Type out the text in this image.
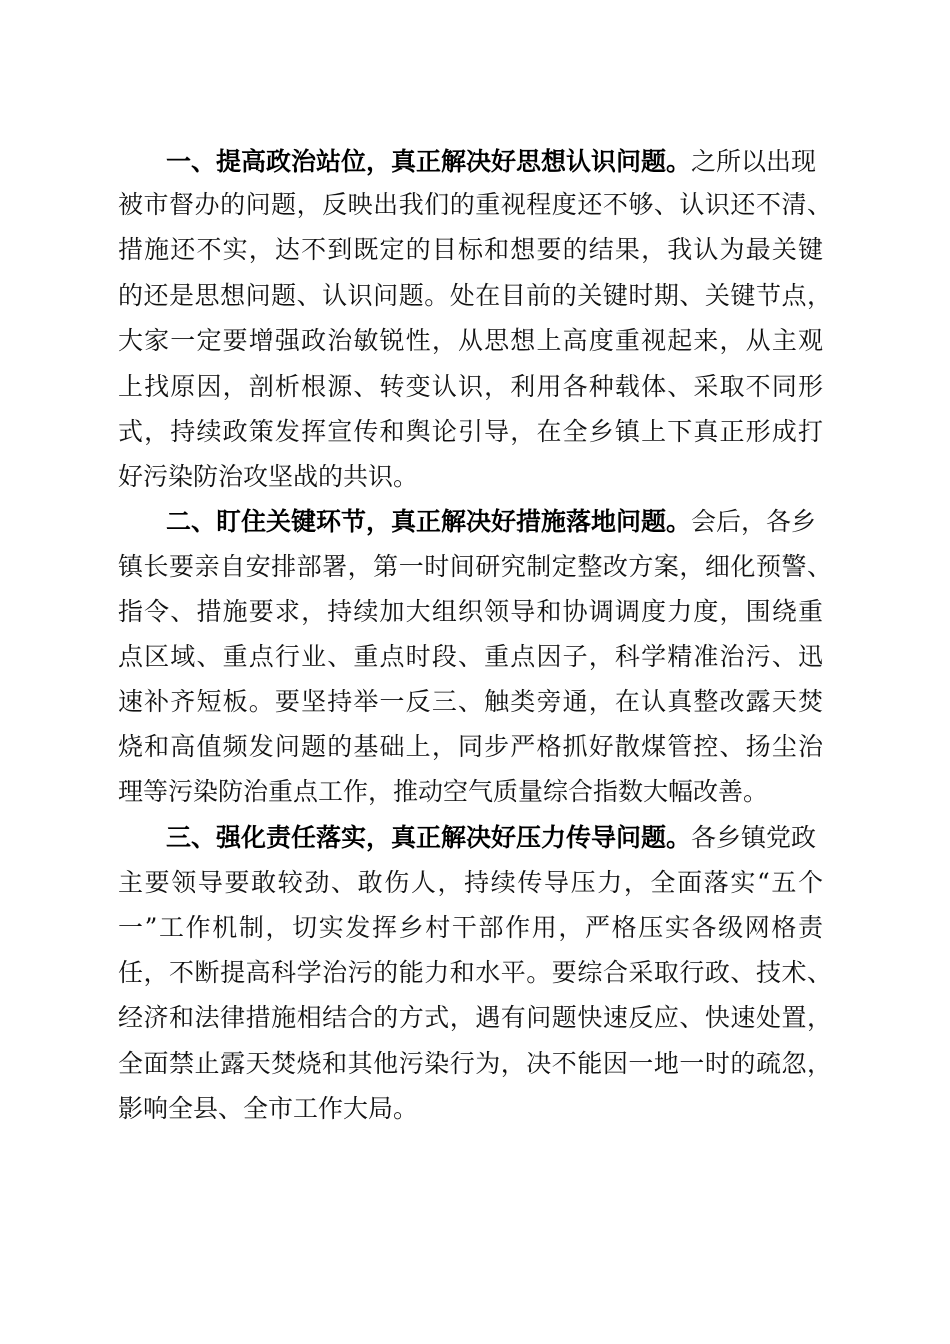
一、提高政治站位，真正解决好思想认识问题。之所以出现
被市督办的问题，反映出我们的重视程度还不够、认识还不清、
措施还不实，达不到既定的目标和想要的结果，我认为最关键
的还是思想问题、认识问题。处在目前的关键时期、关键节点，
大家一定要增强政治敏锐性，从思想上高度重视起来，从主观
上找原因，剖析根源、转变认识，利用各种载体、采取不同形
式，持续政策发挥宣传和舆论引导，在全乡镇上下真正形成打
好污染防治攻坚战的共识。
二、盯住关键环节，真正解决好措施落地问题。会后，各乡
镇长要亲自安排部署，第一时间研究制定整改方案，细化预警、
指令、措施要求，持续加大组织领导和协调调度力度，围绕重
点区域、重点行业、重点时段、重点因子，科学精准治污、迅
速补齐短板。要坚持举一反三、触类旁通，在认真整改露天焚
烧和高值频发问题的基础上，同步严格抓好散煤管控、扬尘治
理等污染防治重点工作，推动空气质量综合指数大幅改善。
三、强化责任落实，真正解决好压力传导问题。各乡镇党政
主要领导要敢较劲、敢伤人，持续传导压力，全面落实“五个
一”工作机制，切实发挥乡村干部作用，严格压实各级网格责
任，不断提高科学治污的能力和水平。要综合采取行政、技术、
经济和法律措施相结合的方式，遇有问题快速反应、快速处置，
全面禁止露天焚烧和其他污染行为，决不能因一地一时的疏忽，
影响全县、全市工作大局。
